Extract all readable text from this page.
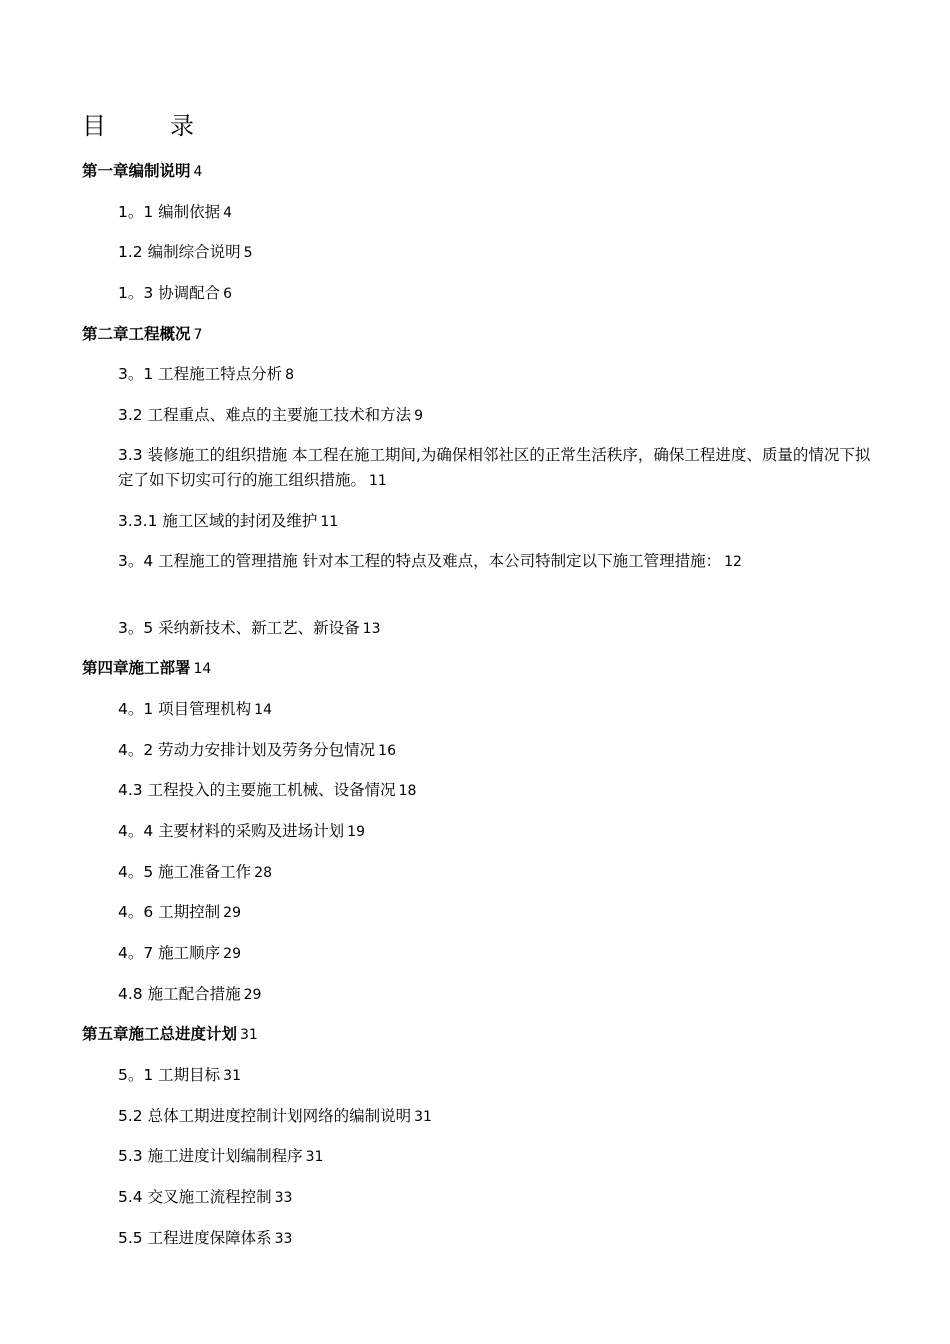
目	录
第一章编制说明 4
1。1 编制依据 4
1.2 编制综合说明 5
1。3 协调配合 6
第二章工程概况 7
3。1 工程施工特点分析 8
3.2 工程重点、难点的主要施工技术和方法 9
3.3 装修施工的组织措施 本工程在施工期间,为确保相邻社区的正常生活秩序，确保工程进度、质量的情况下拟定了如下切实可行的施工组织措施。 11
3.3.1 施工区域的封闭及维护 11
3。4 工程施工的管理措施 针对本工程的特点及难点，本公司特制定以下施工管理措施： 12
3。5 采纳新技术、新工艺、新设备 13
第四章施工部署 14
4。1 项目管理机构 14
4。2 劳动力安排计划及劳务分包情况 16
4.3 工程投入的主要施工机械、设备情况 18
4。4 主要材料的采购及进场计划 19
4。5 施工准备工作 28
4。6 工期控制 29
4。7 施工顺序 29
4.8 施工配合措施 29
第五章施工总进度计划 31
5。1 工期目标 31
5.2 总体工期进度控制计划网络的编制说明 31
5.3 施工进度计划编制程序 31
5.4 交叉施工流程控制 33
5.5 工程进度保障体系 33
